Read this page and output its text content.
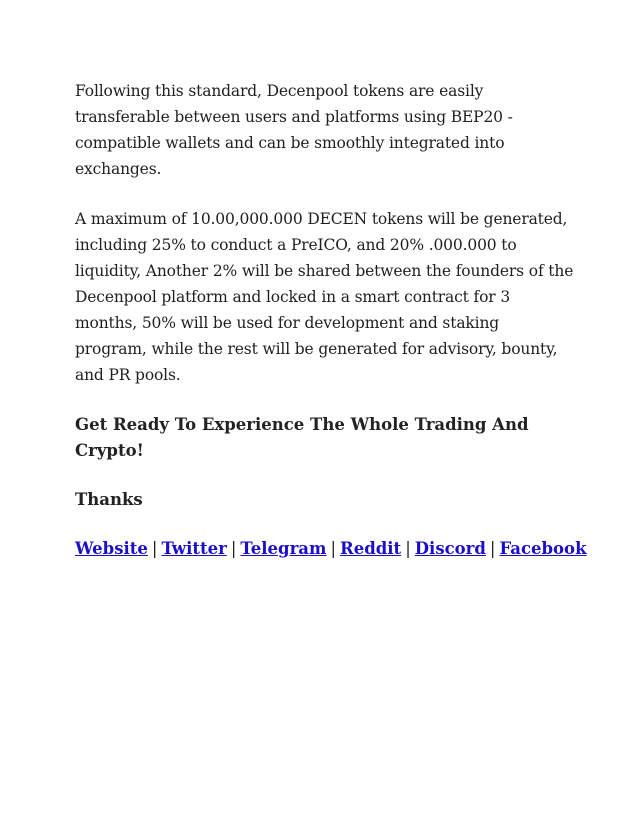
Following this standard, Decenpool tokens are easily transferable between users and platforms using BEP20 -compatible wallets and can be smoothly integrated into exchanges.

A maximum of 10.00,000.000 DECEN tokens will be generated, including 25% to conduct a PreICO, and 20% .000.000 to liquidity, Another 2% will be shared between the founders of the Decenpool platform and locked in a smart contract for 3 months, 50% will be used for development and staking program, while the rest will be generated for advisory, bounty, and PR pools.

Get Ready To Experience The Whole Trading And Crypto!

Thanks

Website | Twitter | Telegram | Reddit | Discord | Facebook
